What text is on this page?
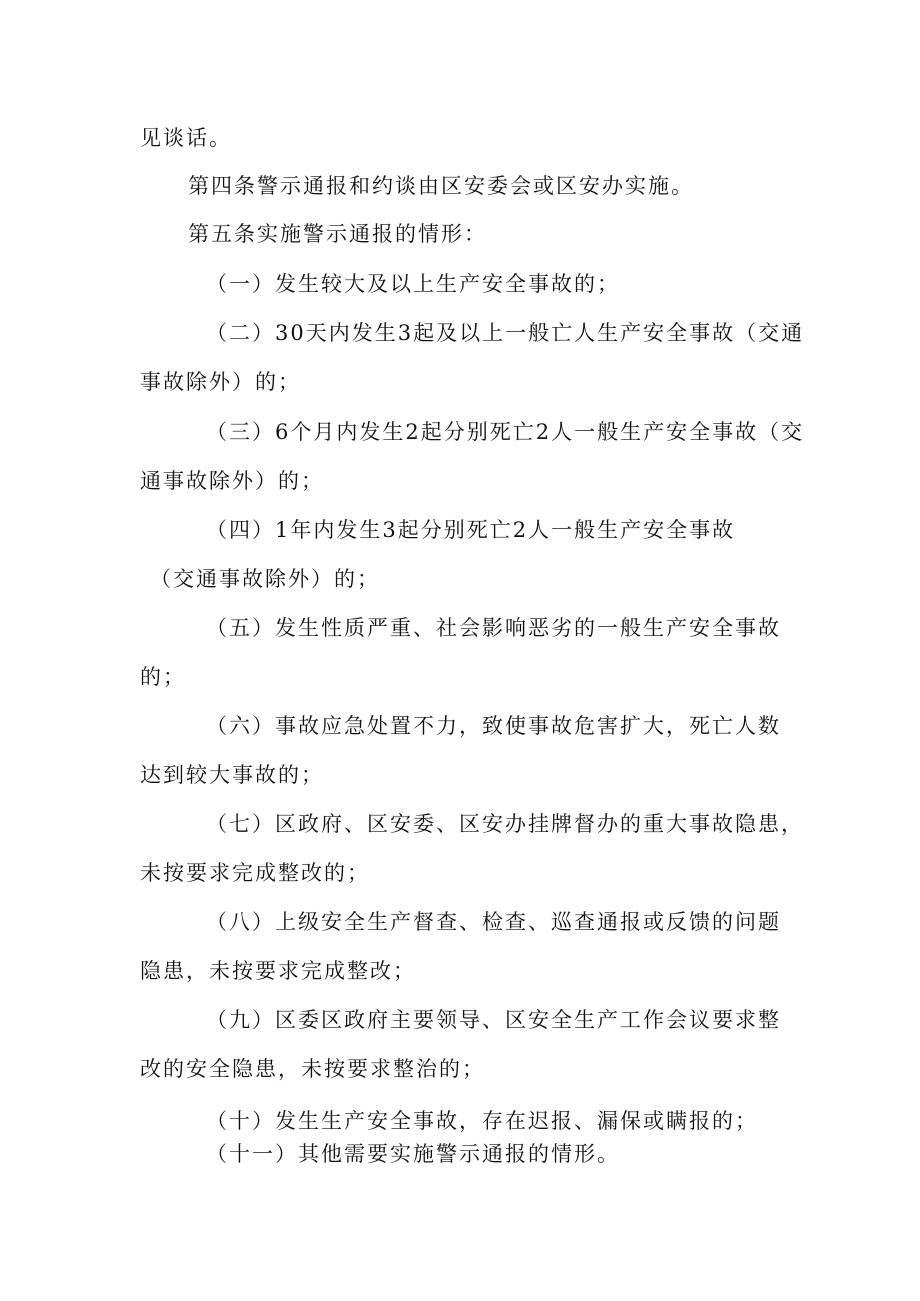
见谈话。
第四条警示通报和约谈由区安委会或区安办实施。
第五条实施警示通报的情形：
（一）发生较大及以上生产安全事故的；
（二）30天内发生3起及以上一般亡人生产安全事故（交通
事故除外）的；
（三）6个月内发生2起分别死亡2人一般生产安全事故（交
通事故除外）的；
（四）1年内发生3起分别死亡2人一般生产安全事故
（交通事故除外）的；
（五）发生性质严重、社会影响恶劣的一般生产安全事故
的；
（六）事故应急处置不力，致使事故危害扩大，死亡人数
达到较大事故的；
（七）区政府、区安委、区安办挂牌督办的重大事故隐患，
未按要求完成整改的；
（八）上级安全生产督查、检查、巡查通报或反馈的问题
隐患，未按要求完成整改；
（九）区委区政府主要领导、区安全生产工作会议要求整
改的安全隐患，未按要求整治的；
（十）发生生产安全事故，存在迟报、漏保或瞒报的；
（十一）其他需要实施警示通报的情形。
